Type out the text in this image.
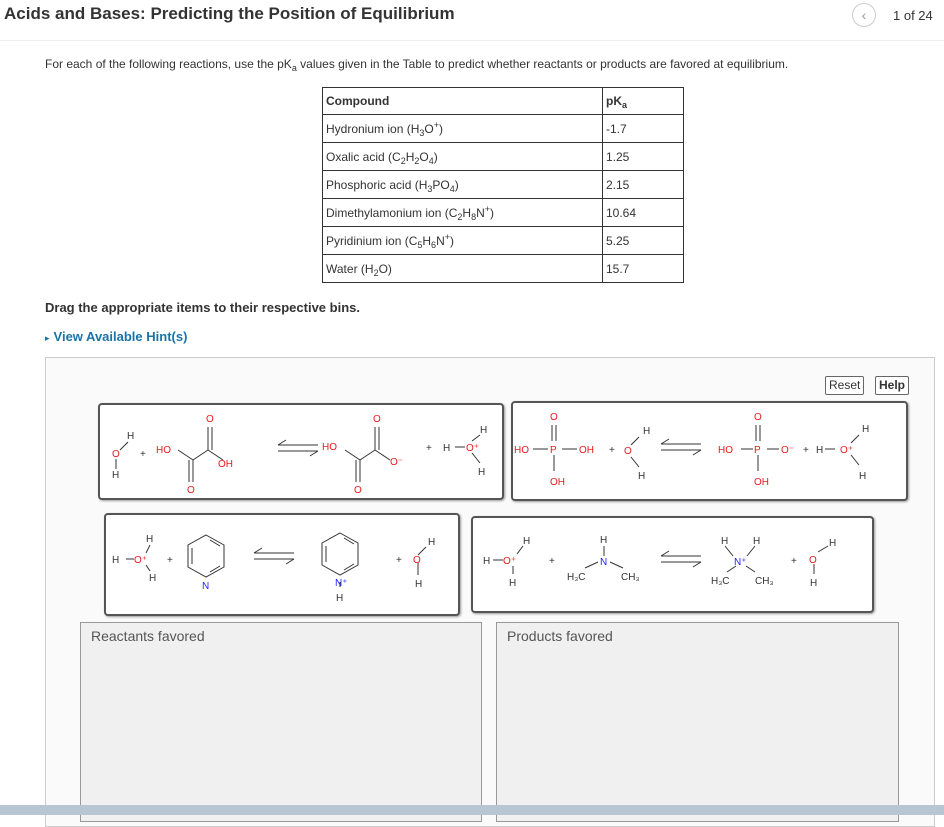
Acids and Bases: Predicting the Position of Equilibrium	‹ 1 of 24
For each of the following reactions, use the $pK_a$ values given in the Table to predict whether reactants or products are favored at equilibrium.
Compound	$pK_a$
Hydronium ion $(H_3O^+)$	-1.7
Oxalic acid $(C_2H_2O_4)$	1.25
Phosphoric acid $(H_3PO_4)$	2.15
Dimethylamonium ion $(C_2H_8N^+)$	10.64
Pyridinium ion $(C_5H_6N^+)$	5.25
Water $(H_2O)$	15.7
Drag the appropriate items to their respective bins.
▸ View Available Hint(s)
Reset	Help
O
H
H
+ HO
OH
O
O
HO
O⁻
O
O
+ H O⁺
H
H
HO P
O
OH
OH
+ O
H
H
HO P
O
O⁻
OH
+ H O⁺
H
H
H O⁺
H
H
+
N	N⁺
H
+ O
H
H
H O⁺
H
H
+
H
N
H₃C	CH₃
H H
N⁺
H₃C	CH₃
+ O
H
H
Reactants favored	Products favored
